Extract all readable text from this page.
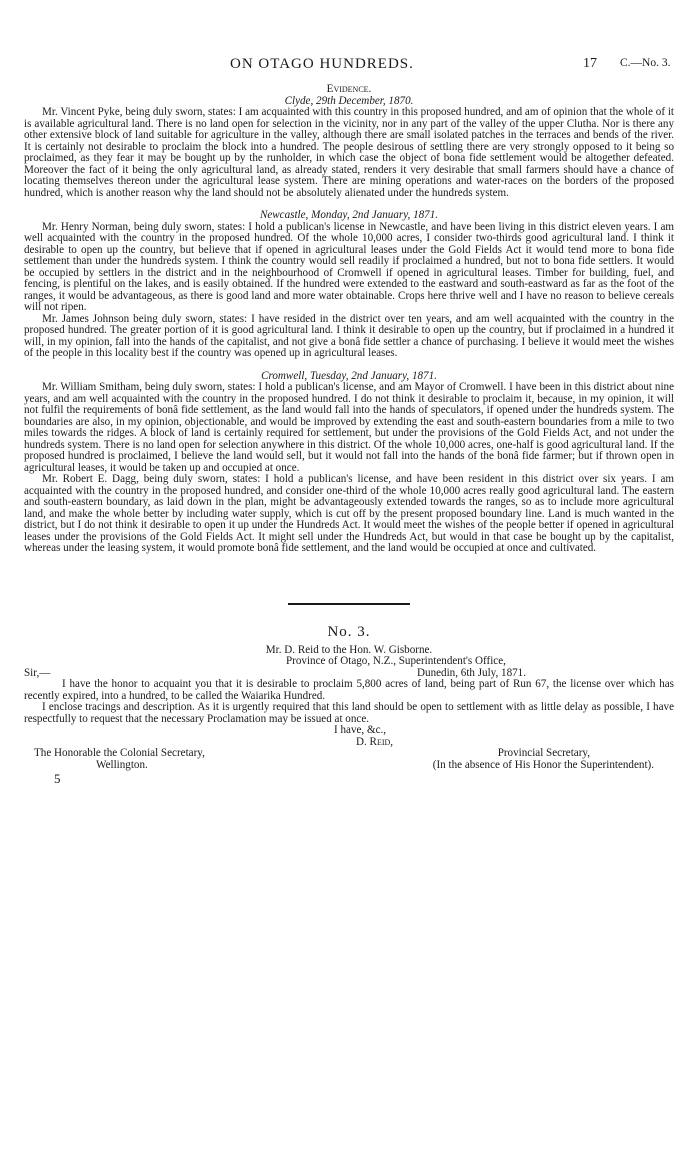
ON OTAGO HUNDREDS.	17 C.—No. 3.
Evidence.
Clyde, 29th December, 1870.

Mr. Vincent Pyke, being duly sworn, states: I am acquainted with this country in this proposed hundred, and am of opinion that the whole of it is available agricultural land. There is no land open for selection in the vicinity, nor in any part of the valley of the upper Clutha. Nor is there any other extensive block of land suitable for agriculture in the valley, although there are small isolated patches in the terraces and bends of the river. It is certainly not desirable to proclaim the block into a hundred. The people desirous of settling there are very strongly opposed to it being so proclaimed, as they fear it may be bought up by the runholder, in which case the object of bona fide settlement would be altogether defeated. Moreover the fact of it being the only agricultural land, as already stated, renders it very desirable that small farmers should have a chance of locating themselves thereon under the agricultural lease system. There are mining operations and water-races on the borders of the proposed hundred, which is another reason why the land should not be absolutely alienated under the hundreds system.

Newcastle, Monday, 2nd January, 1871.

Mr. Henry Norman, being duly sworn, states: I hold a publican's license in Newcastle, and have been living in this district eleven years. I am well acquainted with the country in the proposed hundred. Of the whole 10,000 acres, I consider two-thirds good agricultural land. I think it desirable to open up the country, but believe that if opened in agricultural leases under the Gold Fields Act it would tend more to bona fide settlement than under the hundreds system. I think the country would sell readily if proclaimed a hundred, but not to bona fide settlers. It would be occupied by settlers in the district and in the neighbourhood of Cromwell if opened in agricultural leases. Timber for building, fuel, and fencing, is plentiful on the lakes, and is easily obtained. If the hundred were extended to the eastward and south-eastward as far as the foot of the ranges, it would be advantageous, as there is good land and more water obtainable. Crops here thrive well and I have no reason to believe cereals will not ripen.

Mr. James Johnson being duly sworn, states: I have resided in the district over ten years, and am well acquainted with the country in the proposed hundred. The greater portion of it is good agricultural land. I think it desirable to open up the country, but if proclaimed in a hundred it will, in my opinion, fall into the hands of the capitalist, and not give a bonâ fide settler a chance of purchasing. I believe it would meet the wishes of the people in this locality best if the country was opened up in agricultural leases.

Cromwell, Tuesday, 2nd January, 1871.

Mr. William Smitham, being duly sworn, states: I hold a publican's license, and am Mayor of Cromwell. I have been in this district about nine years, and am well acquainted with the country in the proposed hundred. I do not think it desirable to proclaim it, because, in my opinion, it will not fulfil the requirements of bonâ fide settlement, as the land would fall into the hands of speculators, if opened under the hundreds system. The boundaries are also, in my opinion, objectionable, and would be improved by extending the east and south-eastern boundaries from a mile to two miles towards the ridges. A block of land is certainly required for settlement, but under the provisions of the Gold Fields Act, and not under the hundreds system. There is no land open for selection anywhere in this district. Of the whole 10,000 acres, one-half is good agricultural land. If the proposed hundred is proclaimed, I believe the land would sell, but it would not fall into the hands of the bonâ fide farmer; but if thrown open in agricultural leases, it would be taken up and occupied at once.

Mr. Robert E. Dagg, being duly sworn, states: I hold a publican's license, and have been resident in this district over six years. I am acquainted with the country in the proposed hundred, and consider one-third of the whole 10,000 acres really good agricultural land. The eastern and south-eastern boundary, as laid down in the plan, might be advantageously extended towards the ranges, so as to include more agricultural land, and make the whole better by including water supply, which is cut off by the present proposed boundary line. Land is much wanted in the district, but I do not think it desirable to open it up under the Hundreds Act. It would meet the wishes of the people better if opened in agricultural leases under the provisions of the Gold Fields Act. It might sell under the Hundreds Act, but would in that case be bought up by the capitalist, whereas under the leasing system, it would promote bonâ fide settlement, and the land would be occupied at once and cultivated.

No. 3.
Mr. D. Reid to the Hon. W. Gisborne.
Province of Otago, N.Z., Superintendent's Office,
Sir,—	Dunedin, 6th July, 1871.

I have the honor to acquaint you that it is desirable to proclaim 5,800 acres of land, being part of Run 67, the license over which has recently expired, into a hundred, to be called the Waiarika Hundred.

I enclose tracings and description. As it is urgently required that this land should be open to settlement with as little delay as possible, I have respectfully to request that the necessary Proclamation may be issued at once.

I have, &c.,
D. Reid,
The Honorable the Colonial Secretary,	Provincial Secretary,
Wellington.	(In the absence of His Honor the Superintendent).
5
